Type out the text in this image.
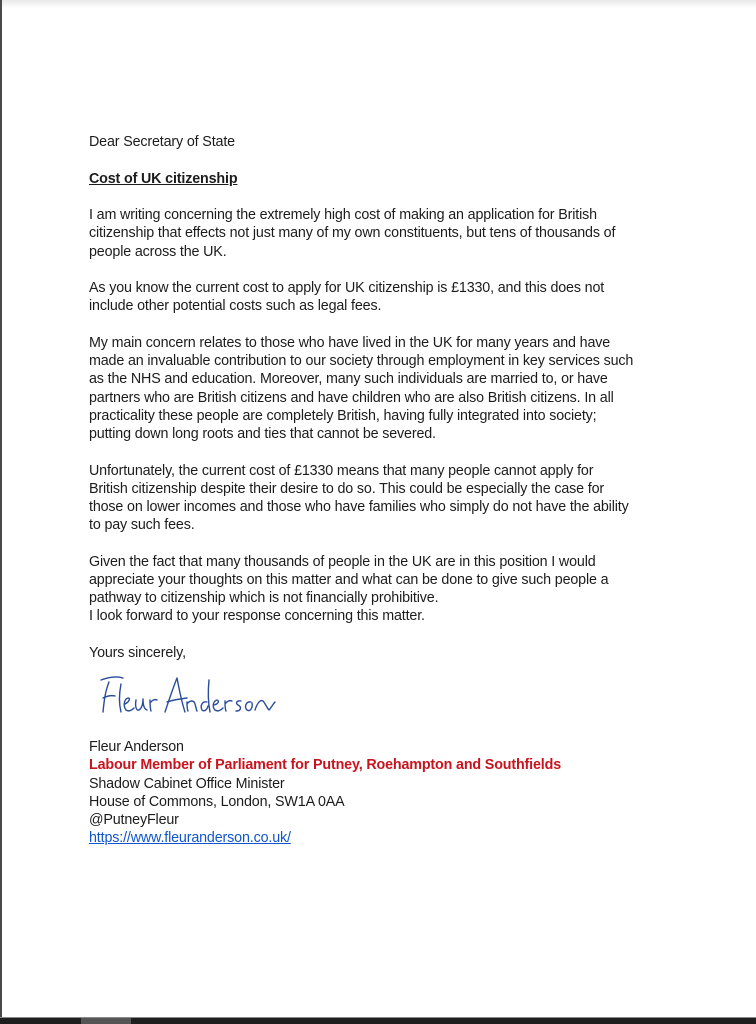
Dear Secretary of State
Cost of UK citizenship
I am writing concerning the extremely high cost of making an application for British
citizenship that effects not just many of my own constituents, but tens of thousands of
people across the UK.
As you know the current cost to apply for UK citizenship is £1330, and this does not
include other potential costs such as legal fees.
My main concern relates to those who have lived in the UK for many years and have
made an invaluable contribution to our society through employment in key services such
as the NHS and education. Moreover, many such individuals are married to, or have
partners who are British citizens and have children who are also British citizens. In all
practicality these people are completely British, having fully integrated into society;
putting down long roots and ties that cannot be severed.
Unfortunately, the current cost of £1330 means that many people cannot apply for
British citizenship despite their desire to do so. This could be especially the case for
those on lower incomes and those who have families who simply do not have the ability
to pay such fees.
Given the fact that many thousands of people in the UK are in this position I would
appreciate your thoughts on this matter and what can be done to give such people a
pathway to citizenship which is not financially prohibitive.
I look forward to your response concerning this matter.
Yours sincerely,
Fleur Anderson
Labour Member of Parliament for Putney, Roehampton and Southfields
Shadow Cabinet Office Minister
House of Commons, London, SW1A 0AA
@PutneyFleur
https://www.fleuranderson.co.uk/
